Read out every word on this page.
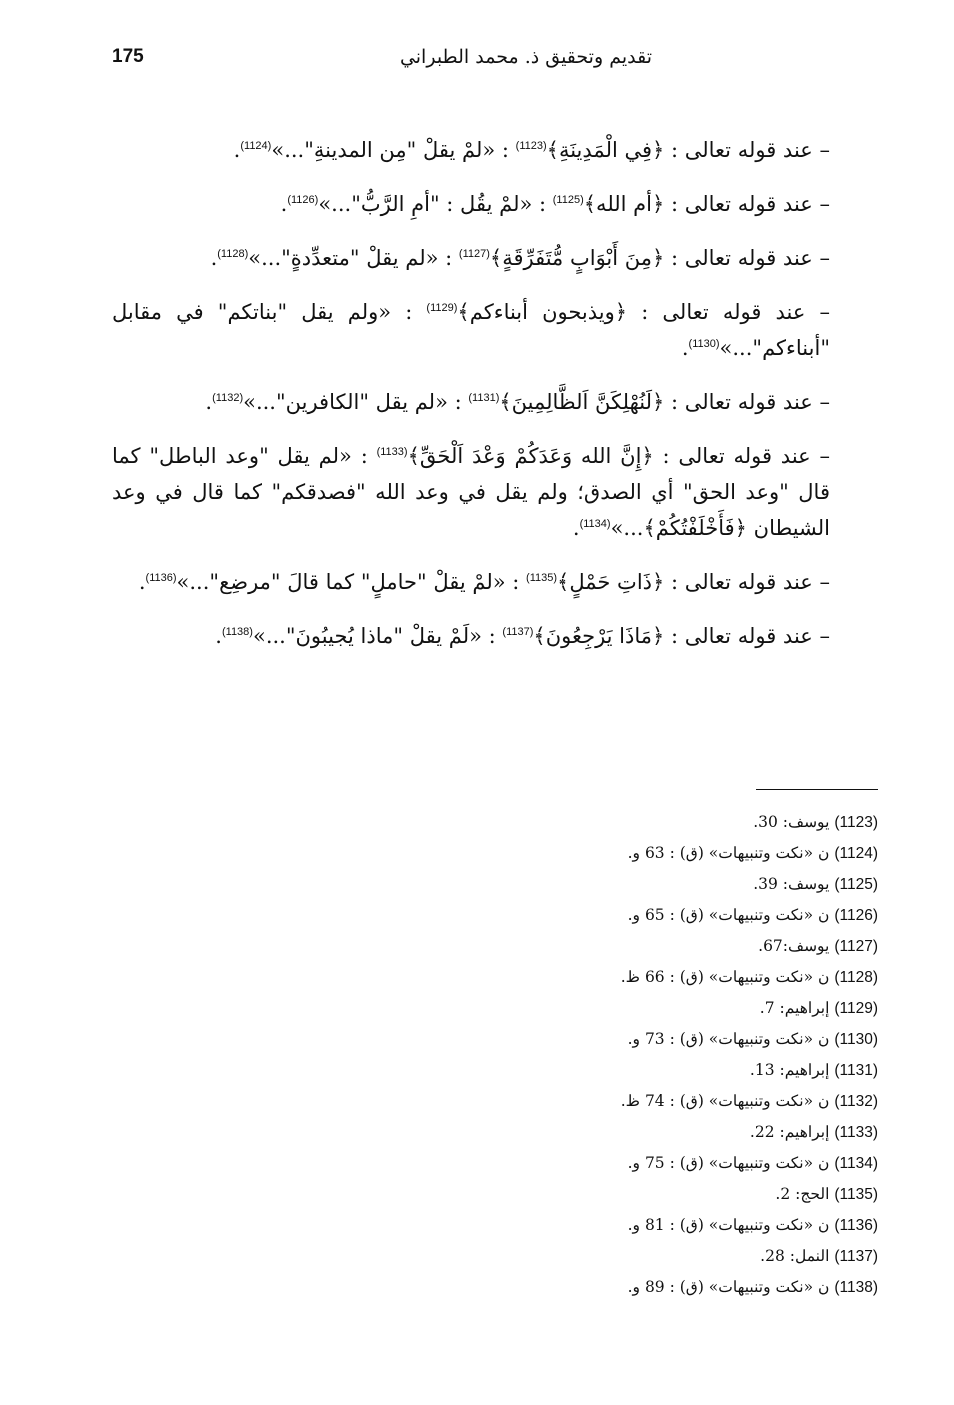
175	تقديم وتحقيق ذ. محمد الطبراني

– عند قوله تعالى : ﴿فِي الْمَدِينَةِ﴾$^{(1123)}$ : «لمْ يقلْ "مِن المدينةِ"...»$^{(1124)}$.

– عند قوله تعالى : ﴿أم الله﴾$^{(1125)}$ : «لمْ يقُل : "أمِ الرَّبُّ"...»$^{(1126)}$.

– عند قوله تعالى : ﴿مِنَ أَبْوَابٍ مُّتَفَرِّقَةٍ﴾$^{(1127)}$ : «لم يقلْ "متعدِّدةٍ"...»$^{(1128)}$.

– عند قوله تعالى : ﴿ويذبحون أبناءكم﴾$^{(1129)}$ : «ولم يقل "بناتكم" في مقابل "أبناءكم"...»$^{(1130)}$.

– عند قوله تعالى : ﴿لَنُهْلِكَنَّ اَلظَّالِمِينَ﴾$^{(1131)}$ : «لم يقل "الكافرين"...»$^{(1132)}$.

– عند قوله تعالى : ﴿إِنَّ الله وَعَدَكُمْ وَعْدَ اَلْحَقِّ﴾$^{(1133)}$ : «لم يقل "وعد الباطل" كما قال "وعد الحق" أي الصدق؛ ولم يقل في وعد الله "فصدقكم" كما قال في وعد الشيطان ﴿فَأَخْلَفْتُكُمْ﴾...»$^{(1134)}$.

– عند قوله تعالى : ﴿ذَاتِ حَمْلٍ﴾$^{(1135)}$ : «لمْ يقلْ "حاملٍ" كما قالَ "مرضِع"...»$^{(1136)}$.

– عند قوله تعالى : ﴿مَاذَا يَرْجِعُونَ﴾$^{(1137)}$ : «لَمْ يقلْ "ماذا يُجيبُونَ"...»$^{(1138)}$.

(1123) يوسف: 30.
(1124) ن «نكت وتنبيهات» (ق) : 63 و.
(1125) يوسف: 39.
(1126) ن «نكت وتنبيهات» (ق) : 65 و.
(1127) يوسف:67.
(1128) ن «نكت وتنبيهات» (ق) : 66 ظ.
(1129) إبراهيم: 7.
(1130) ن «نكت وتنبيهات» (ق) : 73 و.
(1131) إبراهيم: 13.
(1132) ن «نكت وتنبيهات» (ق) : 74 ظ.
(1133) إبراهيم: 22.
(1134) ن «نكت وتنبيهات» (ق) : 75 و.
(1135) الحج: 2.
(1136) ن «نكت وتنبيهات» (ق) : 81 و.
(1137) النمل: 28.
(1138) ن «نكت وتنبيهات» (ق) : 89 و.
